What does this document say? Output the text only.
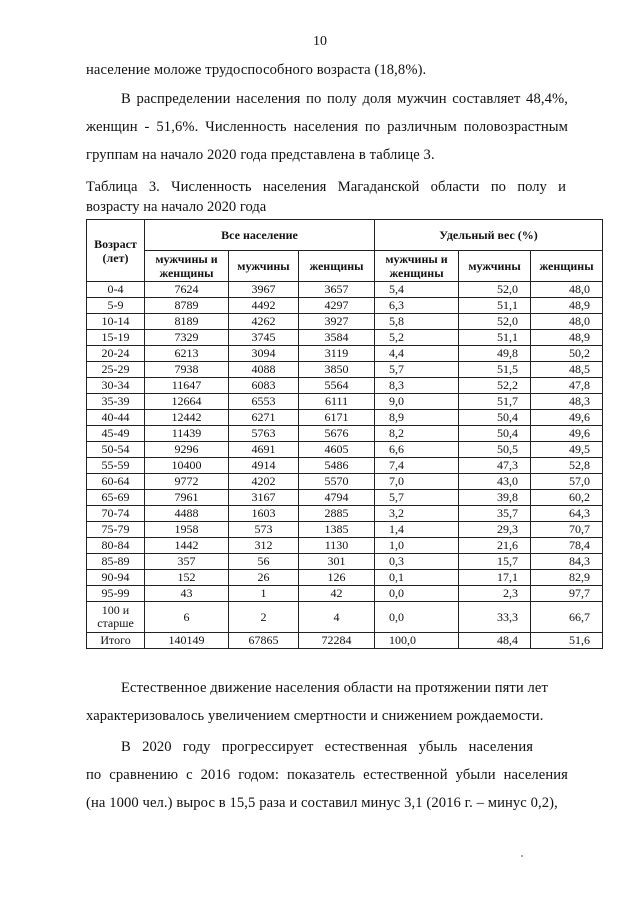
10
население моложе трудоспособного возраста (18,8%).
В распределении населения по полу доля мужчин составляет 48,4%,
женщин - 51,6%. Численность населения по различным половозрастным
группам на начало 2020 года представлена в таблице 3.
Таблица 3. Численность населения Магаданской области по полу и
возрасту на начало 2020 года
Возраст (лет)	Все население			Удельный вес (%)		
	мужчины и женщины	мужчины	женщины	мужчины и женщины	мужчины	женщины
0-4	7624	3967	3657	5,4	52,0	48,0
5-9	8789	4492	4297	6,3	51,1	48,9
10-14	8189	4262	3927	5,8	52,0	48,0
15-19	7329	3745	3584	5,2	51,1	48,9
20-24	6213	3094	3119	4,4	49,8	50,2
25-29	7938	4088	3850	5,7	51,5	48,5
30-34	11647	6083	5564	8,3	52,2	47,8
35-39	12664	6553	6111	9,0	51,7	48,3
40-44	12442	6271	6171	8,9	50,4	49,6
45-49	11439	5763	5676	8,2	50,4	49,6
50-54	9296	4691	4605	6,6	50,5	49,5
55-59	10400	4914	5486	7,4	47,3	52,8
60-64	9772	4202	5570	7,0	43,0	57,0
65-69	7961	3167	4794	5,7	39,8	60,2
70-74	4488	1603	2885	3,2	35,7	64,3
75-79	1958	573	1385	1,4	29,3	70,7
80-84	1442	312	1130	1,0	21,6	78,4
85-89	357	56	301	0,3	15,7	84,3
90-94	152	26	126	0,1	17,1	82,9
95-99	43	1	42	0,0	2,3	97,7
100 и старше	6	2	4	0,0	33,3	66,7
Итого	140149	67865	72284	100,0	48,4	51,6
Естественное движение населения области на протяжении пяти лет
характеризовалось увеличением смертности и снижением рождаемости.
В   2020   году   прогрессирует   естественная   убыль   населения
по сравнению с 2016 годом: показатель естественной убыли населения
(на 1000 чел.) вырос в 15,5 раза и составил минус 3,1 (2016 г. – минус 0,2),
